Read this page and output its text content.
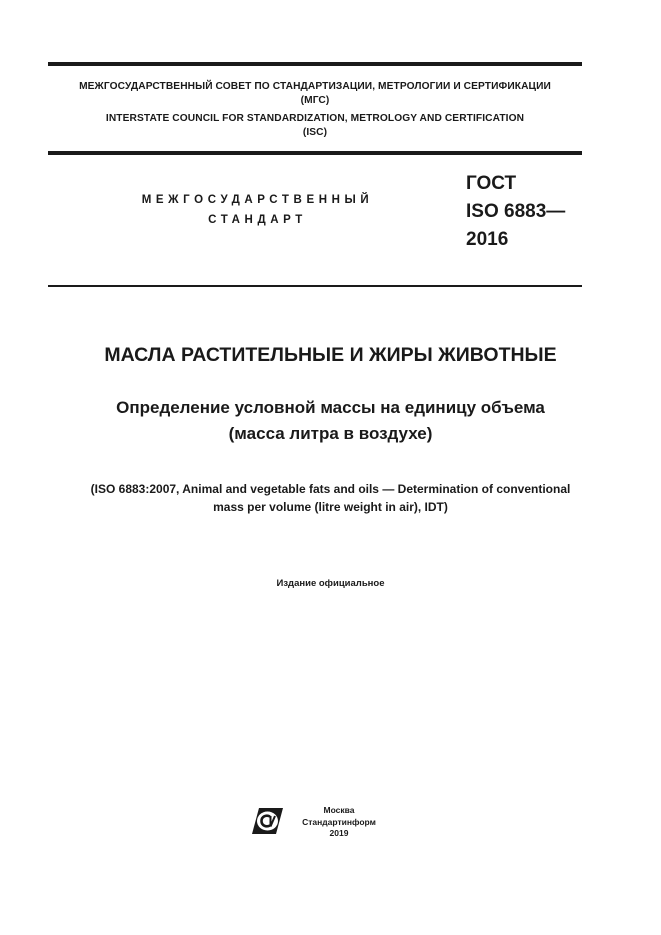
МЕЖГОСУДАРСТВЕННЫЙ СОВЕТ ПО СТАНДАРТИЗАЦИИ, МЕТРОЛОГИИ И СЕРТИФИКАЦИИ
(МГС)
INTERSTATE COUNCIL FOR STANDARDIZATION, METROLOGY AND CERTIFICATION
(ISC)
МЕЖГОСУДАРСТВЕННЫЙ
СТАНДАРТ
ГОСТ
ISO 6883—
2016
МАСЛА РАСТИТЕЛЬНЫЕ И ЖИРЫ ЖИВОТНЫЕ
Определение условной массы на единицу объема
(масса литра в воздухе)
(ISO 6883:2007, Animal and vegetable fats and oils — Determination of conventional
mass per volume (litre weight in air), IDT)
Издание официальное
Москва
Стандартинформ
2019
